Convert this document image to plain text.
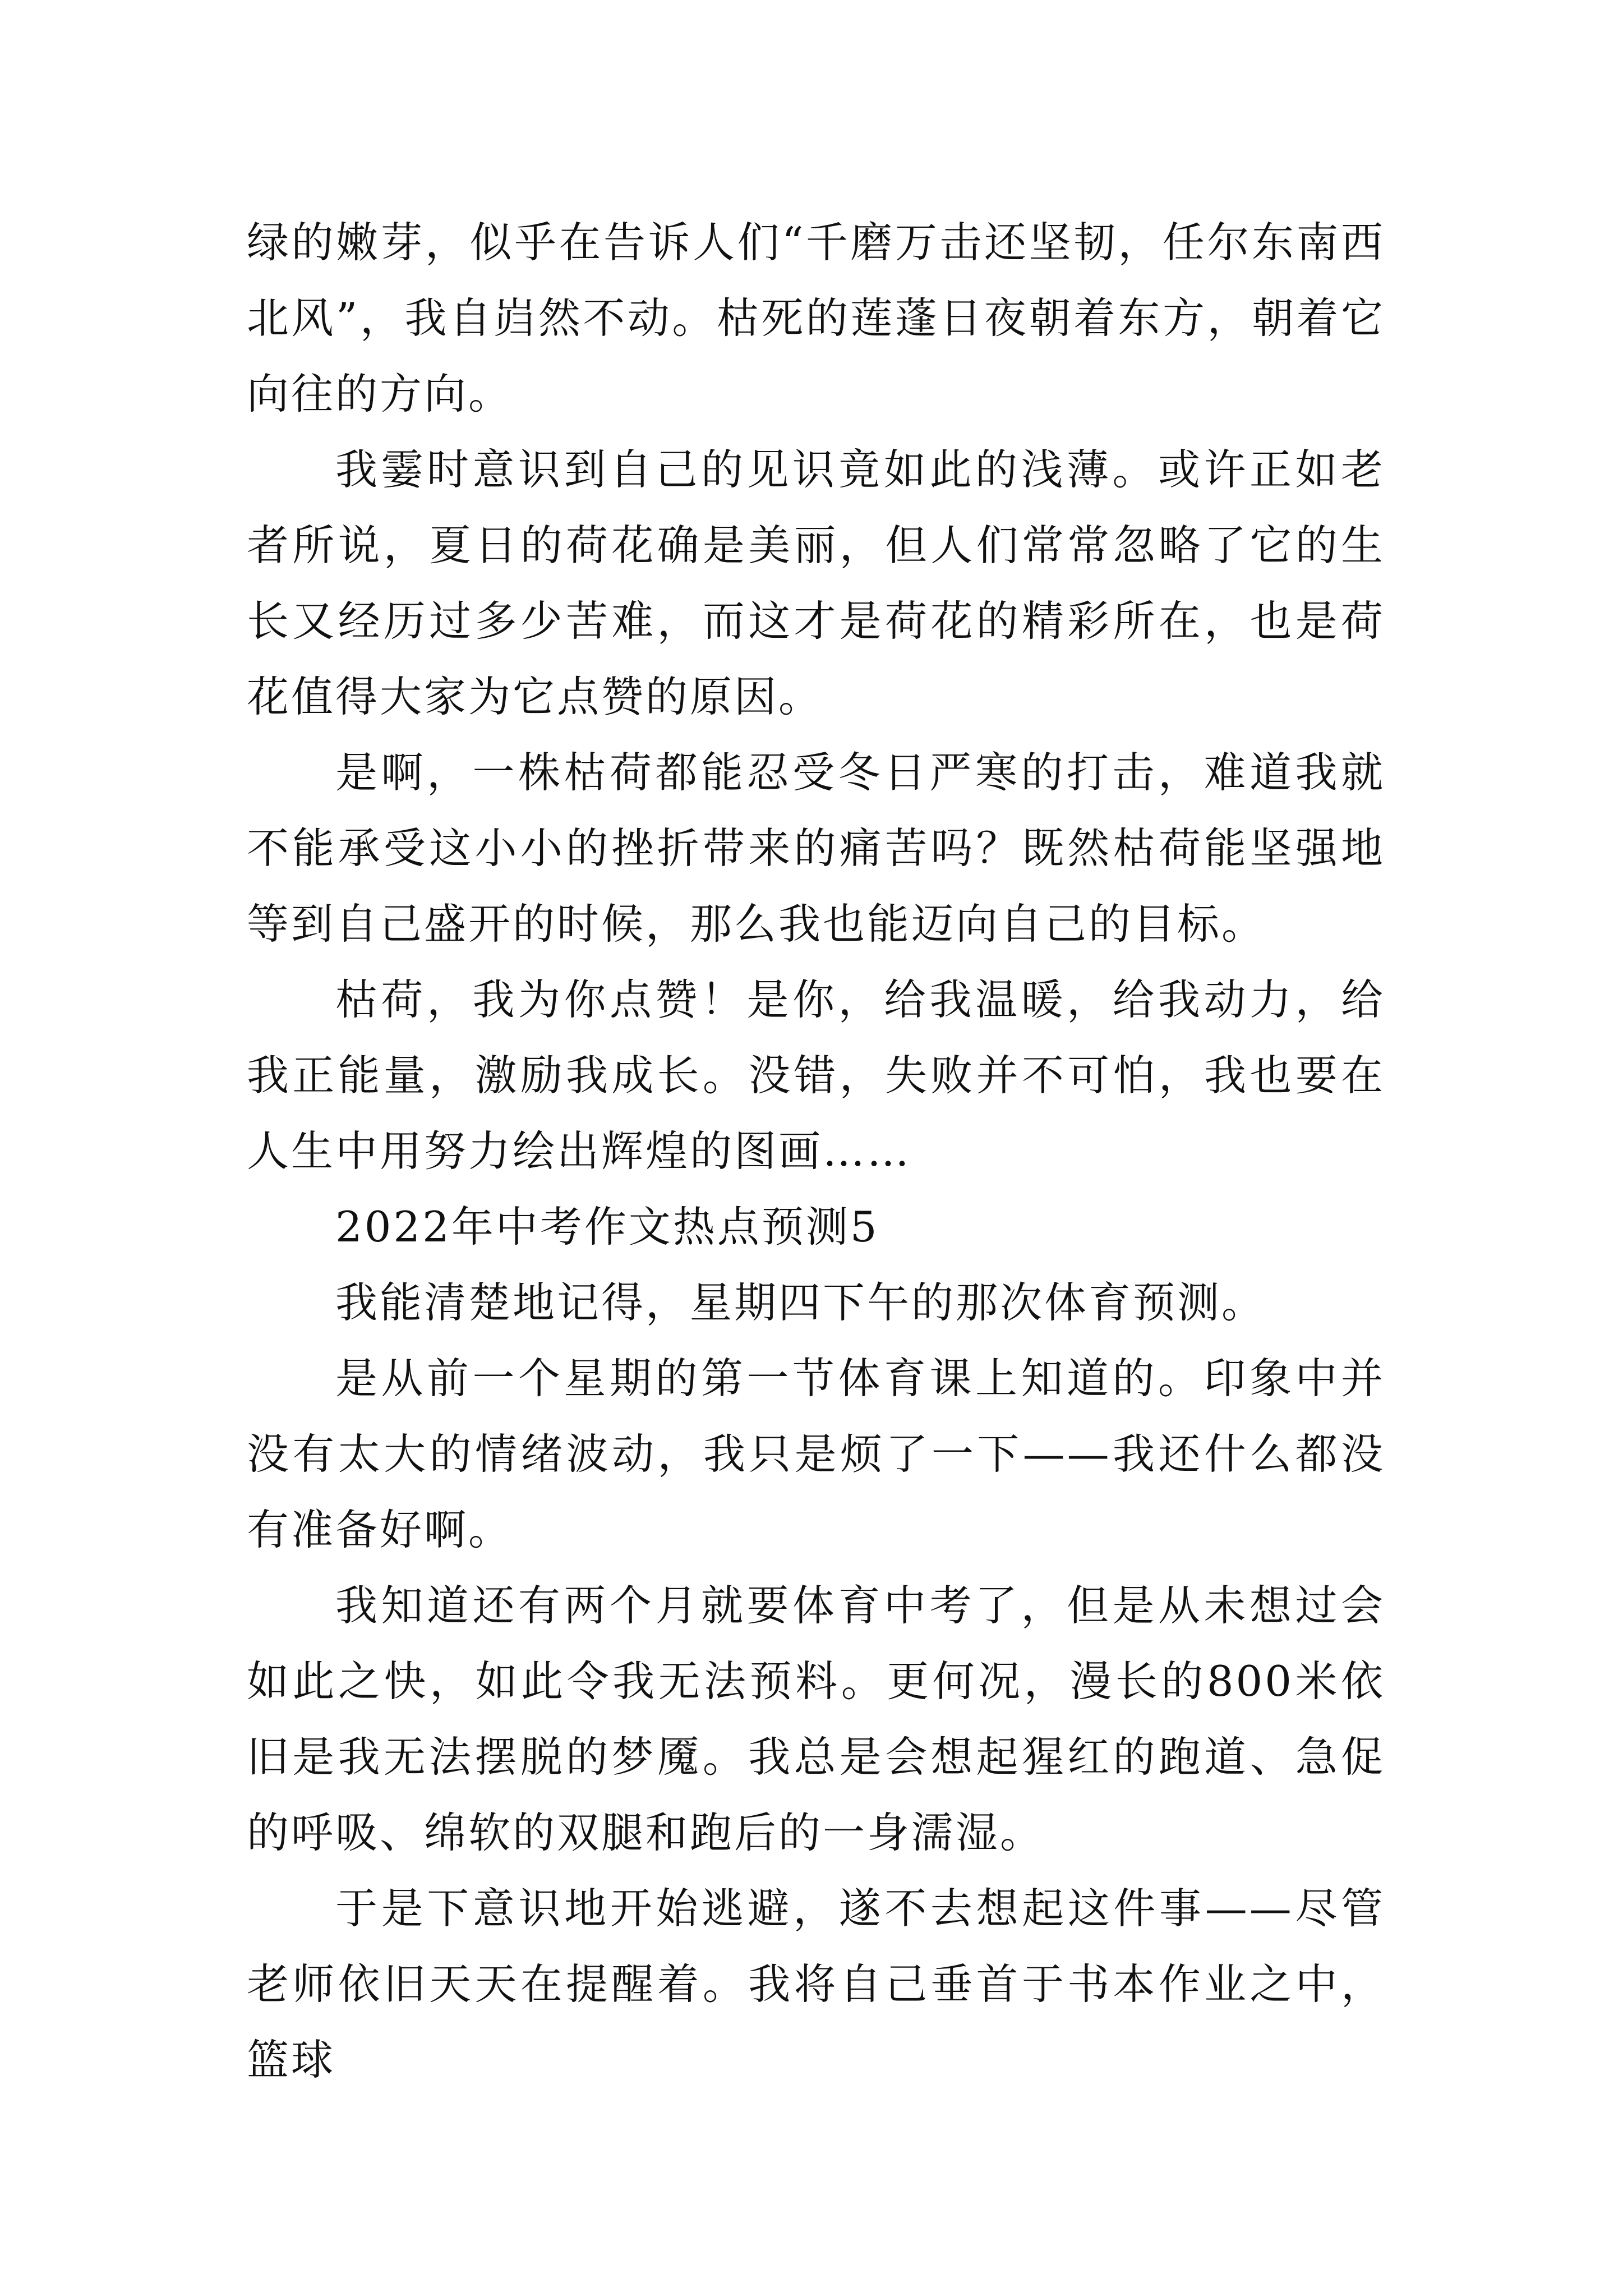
绿的嫩芽，似乎在告诉人们“千磨万击还坚韧，任尔东南西北风”，我自岿然不动。枯死的莲蓬日夜朝着东方，朝着它向往的方向。

我霎时意识到自己的见识竟如此的浅薄。或许正如老者所说，夏日的荷花确是美丽，但人们常常忽略了它的生长又经历过多少苦难，而这才是荷花的精彩所在，也是荷花值得大家为它点赞的原因。

是啊，一株枯荷都能忍受冬日严寒的打击，难道我就不能承受这小小的挫折带来的痛苦吗？既然枯荷能坚强地等到自己盛开的时候，那么我也能迈向自己的目标。

枯荷，我为你点赞！是你，给我温暖，给我动力，给我正能量，激励我成长。没错，失败并不可怕，我也要在人生中用努力绘出辉煌的图画……

2022年中考作文热点预测5

我能清楚地记得，星期四下午的那次体育预测。

是从前一个星期的第一节体育课上知道的。印象中并没有太大的情绪波动，我只是烦了一下——我还什么都没有准备好啊。

我知道还有两个月就要体育中考了，但是从未想过会如此之快，如此令我无法预料。更何况，漫长的800米依旧是我无法摆脱的梦魇。我总是会想起猩红的跑道、急促的呼吸、绵软的双腿和跑后的一身濡湿。

于是下意识地开始逃避，遂不去想起这件事——尽管老师依旧天天在提醒着。我将自己垂首于书本作业之中，篮球
